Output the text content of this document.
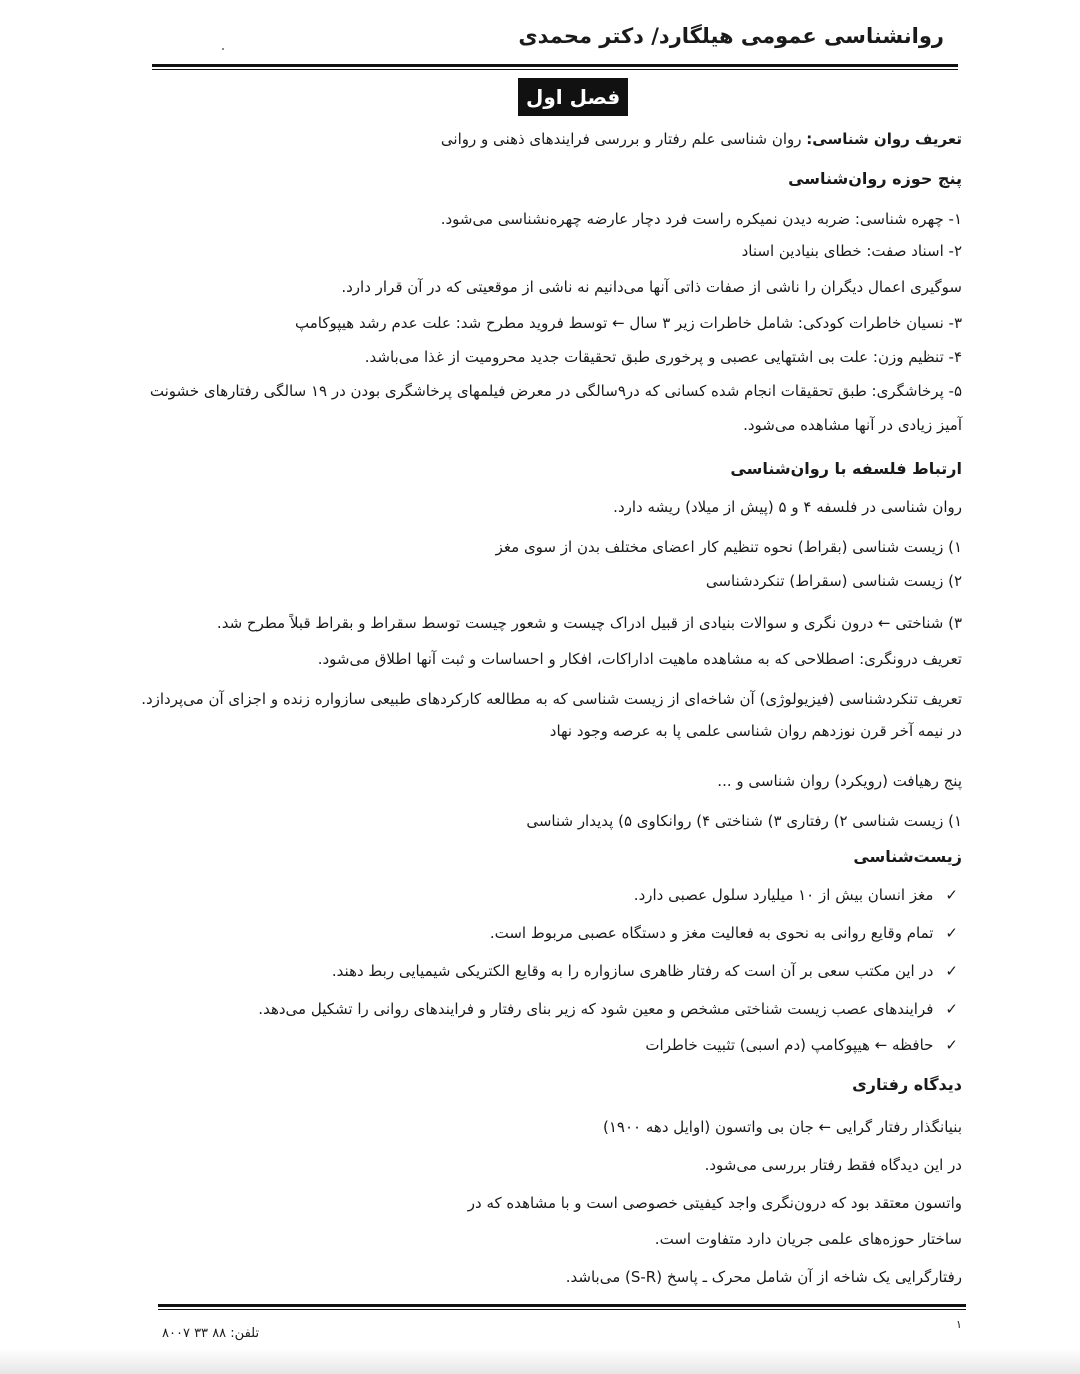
روانشناسی عمومی هیلگارد/ دکتر محمدی
فصل اول
تعریف روان شناسی: روان شناسی علم رفتار و بررسی فرایندهای ذهنی و روانی
پنج حوزه روان‌شناسی
۱- چهره شناسی: ضربه دیدن نمیکره راست فرد دچار عارضه چهره‌نشناسی می‌شود.
۲- اسناد صفت: خطای بنیادین اسناد
سوگیری اعمال دیگران را ناشی از صفات ذاتی آنها می‌دانیم نه ناشی از موقعیتی که در آن قرار دارد.
۳- نسیان خاطرات کودکی: شامل خاطرات زیر ۳ سال ← توسط فروید مطرح شد: علت عدم رشد هیپوکامپ
۴- تنظیم وزن: علت بی اشتهایی عصبی و پرخوری طبق تحقیقات جدید محرومیت از غذا می‌باشد.
۵- پرخاشگری: طبق تحقیقات انجام شده کسانی که در۹سالگی در معرض فیلمهای پرخاشگری بودن در ۱۹ سالگی رفتارهای خشونت
آمیز زیادی در آنها مشاهده می‌شود.
ارتباط فلسفه با روان‌شناسی
روان شناسی در فلسفه ۴ و ۵ (پیش از میلاد) ریشه دارد.
۱) زیست شناسی (بقراط) نحوه تنظیم کار اعضای مختلف بدن از سوی مغز
۲) زیست شناسی (سقراط) تنکردشناسی
۳) شناختی ← درون نگری و سوالات بنیادی از قبیل ادراک چیست و شعور چیست توسط سقراط و بقراط قبلاً مطرح شد.
تعریف درونگری: اصطلاحی که به مشاهده ماهیت اداراکات، افکار و احساسات و ثبت آنها اطلاق می‌شود.
تعریف تنکردشناسی (فیزیولوژی) آن شاخه‌ای از زیست شناسی که به مطالعه کارکردهای طبیعی سازواره زنده و اجزای آن می‌پردازد.
در نیمه آخر قرن نوزدهم روان شناسی علمی پا به عرصه وجود نهاد
پنج رهیافت (رویکرد) روان شناسی و ...
۱) زیست شناسی ۲) رفتاری ۳) شناختی ۴) روانکاوی ۵) پدیدار شناسی
زیست‌شناسی
✓مغز انسان بیش از ۱۰ میلیارد سلول عصبی دارد.
✓تمام وقایع روانی به نحوی به فعالیت مغز و دستگاه عصبی مربوط است.
✓در این مکتب سعی بر آن است که رفتار ظاهری سازواره را به وقایع الکتریکی شیمیایی ربط دهند.
✓فرایندهای عصب زیست شناختی مشخص و معین شود که زیر بنای رفتار و فرایندهای روانی را تشکیل می‌دهد.
✓حافظه ← هیپوکامپ (دم اسبی) تثبیت خاطرات
دیدگاه رفتاری
بنیانگذار رفتار گرایی ← جان بی واتسون (اوایل دهه ۱۹۰۰)
در این دیدگاه فقط رفتار بررسی می‌شود.
واتسون معتقد بود که درون‌نگری واجد کیفیتی خصوصی است و با مشاهده که در
ساختار حوزه‌های علمی جریان دارد متفاوت است.
رفتارگرایی یک شاخه از آن شامل محرک ـ پاسخ (S-R) می‌باشد.
۱
تلفن: ۸۸ ۳۳ ۸۰۰۷
